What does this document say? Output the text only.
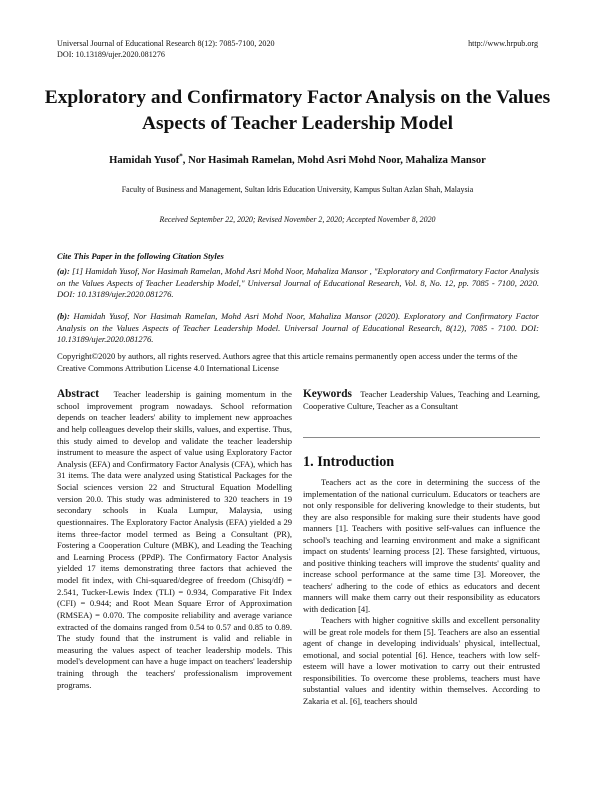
Universal Journal of Educational Research 8(12): 7085-7100, 2020
DOI: 10.13189/ujer.2020.081276
http://www.hrpub.org
Exploratory and Confirmatory Factor Analysis on the Values Aspects of Teacher Leadership Model
Hamidah Yusof*, Nor Hasimah Ramelan, Mohd Asri Mohd Noor, Mahaliza Mansor
Faculty of Business and Management, Sultan Idris Education University, Kampus Sultan Azlan Shah, Malaysia
Received September 22, 2020; Revised November 2, 2020; Accepted November 8, 2020
Cite This Paper in the following Citation Styles
(a): [1] Hamidah Yusof, Nor Hasimah Ramelan, Mohd Asri Mohd Noor, Mahaliza Mansor , "Exploratory and Confirmatory Factor Analysis on the Values Aspects of Teacher Leadership Model," Universal Journal of Educational Research, Vol. 8, No. 12, pp. 7085 - 7100, 2020. DOI: 10.13189/ujer.2020.081276.
(b): Hamidah Yusof, Nor Hasimah Ramelan, Mohd Asri Mohd Noor, Mahaliza Mansor (2020). Exploratory and Confirmatory Factor Analysis on the Values Aspects of Teacher Leadership Model. Universal Journal of Educational Research, 8(12), 7085 - 7100. DOI: 10.13189/ujer.2020.081276.
Copyright©2020 by authors, all rights reserved. Authors agree that this article remains permanently open access under the terms of the Creative Commons Attribution License 4.0 International License
Abstract Teacher leadership is gaining momentum in the school improvement program nowadays. School reformation depends on teacher leaders' ability to implement new approaches and help colleagues develop their skills, values, and expertise. Thus, this study aimed to develop and validate the teacher leadership instrument to measure the aspect of value using Exploratory Factor Analysis (EFA) and Confirmatory Factor Analysis (CFA), which has 31 items. The data were analyzed using Statistical Packages for the Social sciences version 22 and Structural Equation Modelling version 20.0. This study was administered to 320 teachers in 19 secondary schools in Kuala Lumpur, Malaysia, using questionnaires. The Exploratory Factor Analysis (EFA) yielded a 29 items three-factor model termed as Being a Consultant (PR), Fostering a Cooperation Culture (MBK), and Leading the Teaching and Learning Process (PPdP). The Confirmatory Factor Analysis yielded 17 items demonstrating three factors that achieved the model fit index, with Chi-squared/degree of freedom (Chisq/df) = 2.541, Tucker-Lewis Index (TLI) = 0.934, Comparative Fit Index (CFI) = 0.944; and Root Mean Square Error of Approximation (RMSEA) = 0.070. The composite reliability and average variance extracted of the domains ranged from 0.54 to 0.57 and 0.85 to 0.89. The study found that the instrument is valid and reliable in measuring the values aspect of teacher leadership models. This model's development can have a huge impact on teachers' leadership training through the teachers' professionalism improvement programs.
Keywords Teacher Leadership Values, Teaching and Learning, Cooperative Culture, Teacher as a Consultant
1. Introduction

Teachers act as the core in determining the success of the implementation of the national curriculum. Educators or teachers are not only responsible for delivering knowledge to their students, but they are also responsible for making sure their students have good manners [1]. Teachers with positive self-values can influence the school's teaching and learning environment and make a significant impact on students' learning process [2]. These farsighted, virtuous, and positive thinking teachers will improve the students' quality and increase school performance at the same time [3]. Moreover, the teachers' adhering to the code of ethics as educators and decent manners will make them carry out their responsibility as educators with dedication [4].

Teachers with higher cognitive skills and excellent personality will be great role models for them [5]. Teachers are also an essential agent of change in developing individuals' physical, intellectual, emotional, and social potential [6]. Hence, teachers with low self-esteem will have a lower motivation to carry out their entrusted responsibilities. To overcome these problems, teachers must have substantial values and identity within themselves. According to Zakaria et al. [6], teachers should
